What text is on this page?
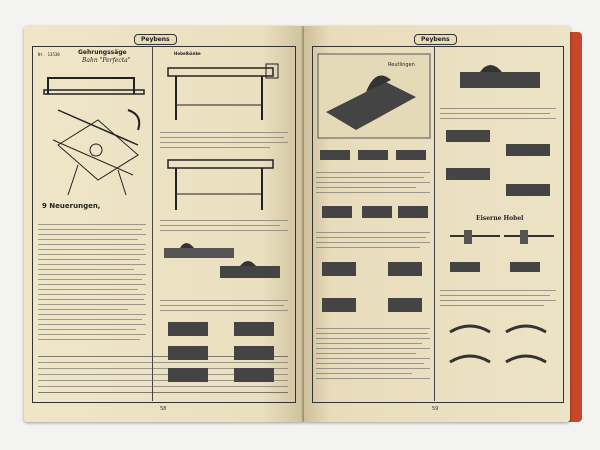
Peybens
Nr. 13530	Gehrungssäge
Bahn "Perfecta"
9 Neuerungen,
Hobelbänke
58
Peybens
Reutlingen
Eiserne Hobel
59
